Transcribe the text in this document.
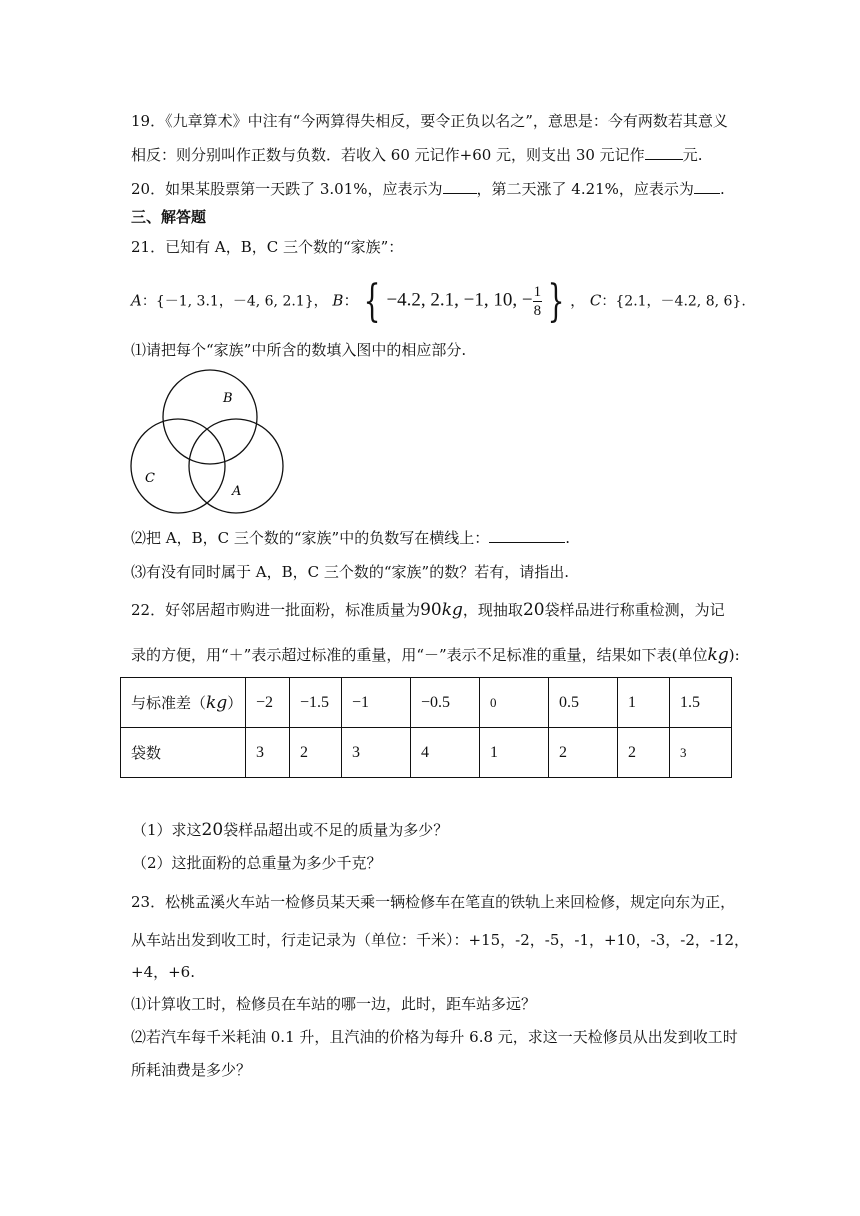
19．《九章算术》中注有“今两算得失相反，要令正负以名之”，意思是：今有两数若其意义
相反：则分别叫作正数与负数．若收入 60 元记作+60 元，则支出 30 元记作	元.
20．如果某股票第一天跌了 3.01%，应表示为 ，第二天涨了 4.21%，应表示为 .
三、解答题
21．已知有 A，B，C 三个数的“家族”：
A：{－1, 3.1，－4, 6, 2.1}， B： { −4.2, 2.1, −1, 10, − $\frac{1}{8}$ } ， C：{2.1，－4.2, 8, 6}.
⑴请把每个“家族”中所含的数填入图中的相应部分.
B
C
A
⑵把 A，B，C 三个数的“家族”中的负数写在横线上：	.
⑶有没有同时属于 A，B，C 三个数的“家族”的数？若有，请指出.
22．好邻居超市购进一批面粉，标准质量为90kg，现抽取20袋样品进行称重检测，为记
录的方便，用“＋”表示超过标准的重量，用“－”表示不足标准的重量，结果如下表(单位kg):
与标准差（kg）	−2	−1.5	−1	−0.5	0	0.5	1	1.5
袋数	3	2	3	4	1	2	2	3
（1）求这20袋样品超出或不足的质量为多少？
（2）这批面粉的总重量为多少千克？
23．松桃孟溪火车站一检修员某天乘一辆检修车在笔直的铁轨上来回检修，规定向东为正，
从车站出发到收工时，行走记录为（单位：千米）：+15，-2，-5，-1，+10，-3，-2，-12，
+4，+6.
⑴计算收工时，检修员在车站的哪一边，此时，距车站多远？
⑵若汽车每千米耗油 0.1 升，且汽油的价格为每升 6.8 元，求这一天检修员从出发到收工时
所耗油费是多少？
